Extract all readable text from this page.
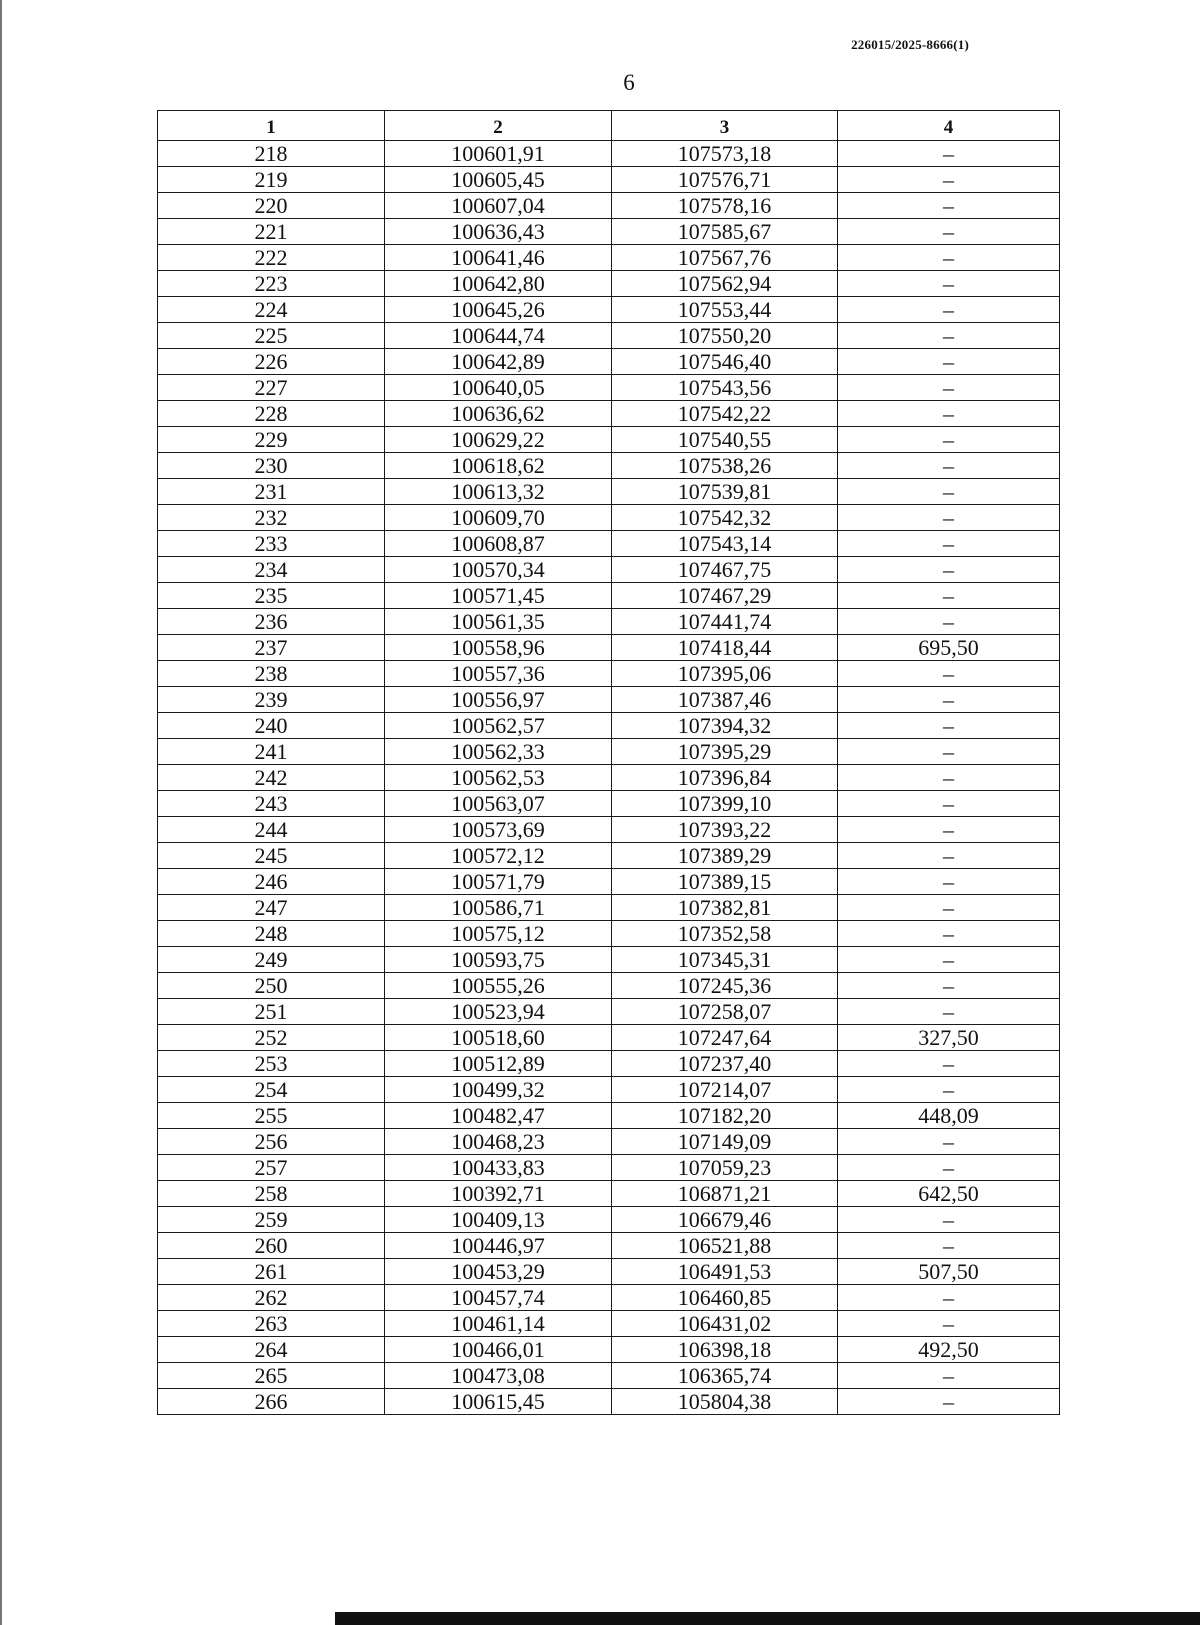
226015/2025-8666(1)
6
1	2	3	4
218	100601,91	107573,18	–
219	100605,45	107576,71	–
220	100607,04	107578,16	–
221	100636,43	107585,67	–
222	100641,46	107567,76	–
223	100642,80	107562,94	–
224	100645,26	107553,44	–
225	100644,74	107550,20	–
226	100642,89	107546,40	–
227	100640,05	107543,56	–
228	100636,62	107542,22	–
229	100629,22	107540,55	–
230	100618,62	107538,26	–
231	100613,32	107539,81	–
232	100609,70	107542,32	–
233	100608,87	107543,14	–
234	100570,34	107467,75	–
235	100571,45	107467,29	–
236	100561,35	107441,74	–
237	100558,96	107418,44	695,50
238	100557,36	107395,06	–
239	100556,97	107387,46	–
240	100562,57	107394,32	–
241	100562,33	107395,29	–
242	100562,53	107396,84	–
243	100563,07	107399,10	–
244	100573,69	107393,22	–
245	100572,12	107389,29	–
246	100571,79	107389,15	–
247	100586,71	107382,81	–
248	100575,12	107352,58	–
249	100593,75	107345,31	–
250	100555,26	107245,36	–
251	100523,94	107258,07	–
252	100518,60	107247,64	327,50
253	100512,89	107237,40	–
254	100499,32	107214,07	–
255	100482,47	107182,20	448,09
256	100468,23	107149,09	–
257	100433,83	107059,23	–
258	100392,71	106871,21	642,50
259	100409,13	106679,46	–
260	100446,97	106521,88	–
261	100453,29	106491,53	507,50
262	100457,74	106460,85	–
263	100461,14	106431,02	–
264	100466,01	106398,18	492,50
265	100473,08	106365,74	–
266	100615,45	105804,38	–
